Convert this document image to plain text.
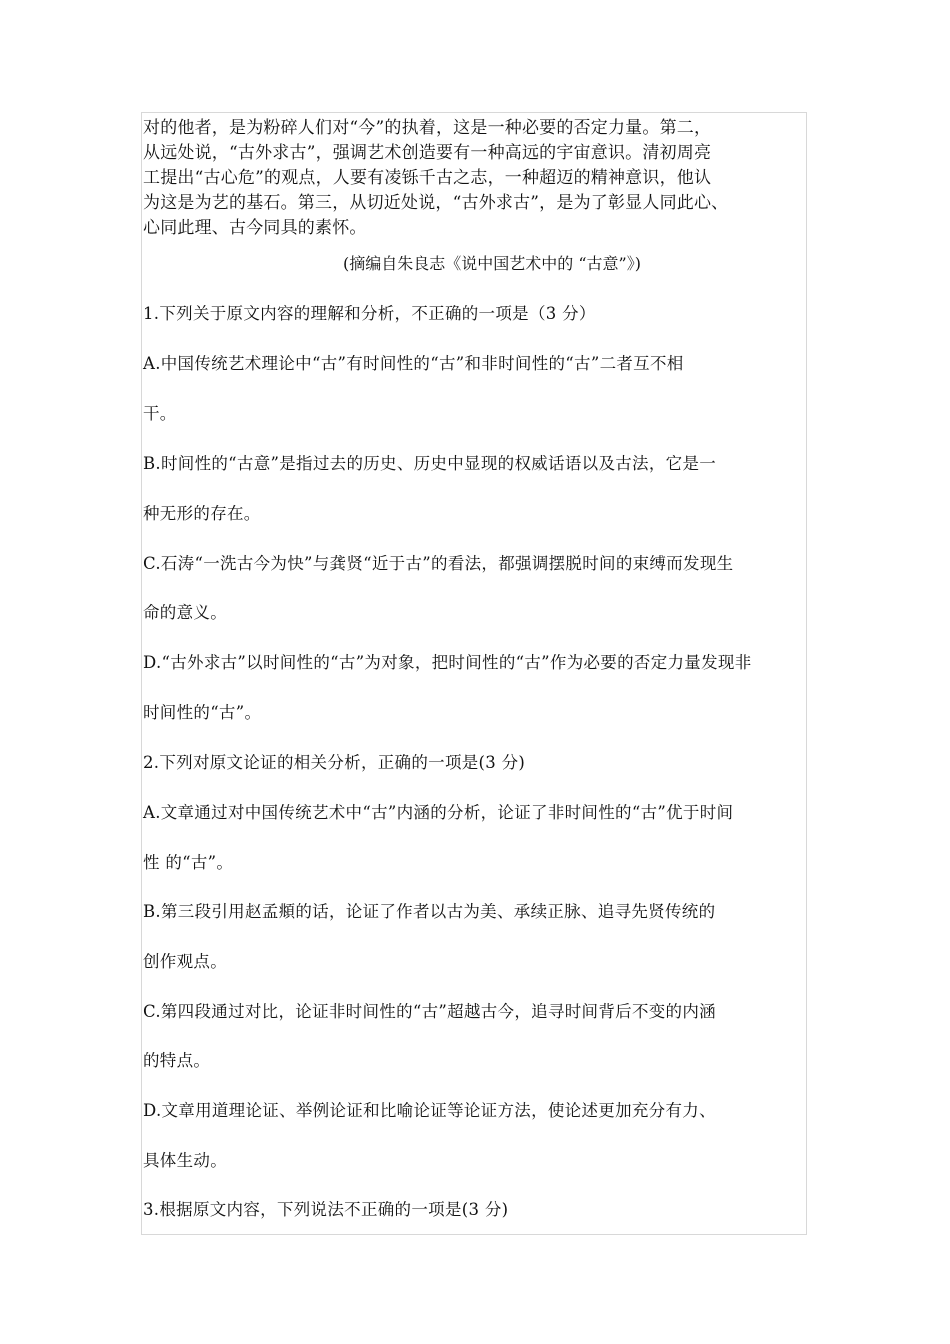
对的他者，是为粉碎人们对“今”的执着，这是一种必要的否定力量。第二，
从远处说，“古外求古”，强调艺术创造要有一种高远的宇宙意识。清初周亮
工提出“古心危”的观点，人要有凌铄千古之志，一种超迈的精神意识，他认
为这是为艺的基石。第三，从切近处说，“古外求古”，是为了彰显人同此心、
心同此理、古今同具的素怀。
(摘编自朱良志《说中国艺术中的 “古意”》)
1.下列关于原文内容的理解和分析，不正确的一项是（3 分）
A.中国传统艺术理论中“古”有时间性的“古”和非时间性的“古”二者互不相
干。
B.时间性的“古意”是指过去的历史、历史中显现的权威话语以及古法，它是一
种无形的存在。
C.石涛“一洗古今为快”与龚贤“近于古”的看法，都强调摆脱时间的束缚而发现生
命的意义。
D.“古外求古”以时间性的“古”为对象，把时间性的“古”作为必要的否定力量发现非
时间性的“古”。
2.下列对原文论证的相关分析，正确的一项是(3 分)
A.文章通过对中国传统艺术中“古”内涵的分析，论证了非时间性的“古”优于时间
性 的“古”。
B.第三段引用赵孟頫的话，论证了作者以古为美、承续正脉、追寻先贤传统的
创作观点。
C.第四段通过对比，论证非时间性的“古”超越古今，追寻时间背后不变的内涵
的特点。
D.文章用道理论证、举例论证和比喻论证等论证方法，使论述更加充分有力、
具体生动。
3.根据原文内容，下列说法不正确的一项是(3 分)
